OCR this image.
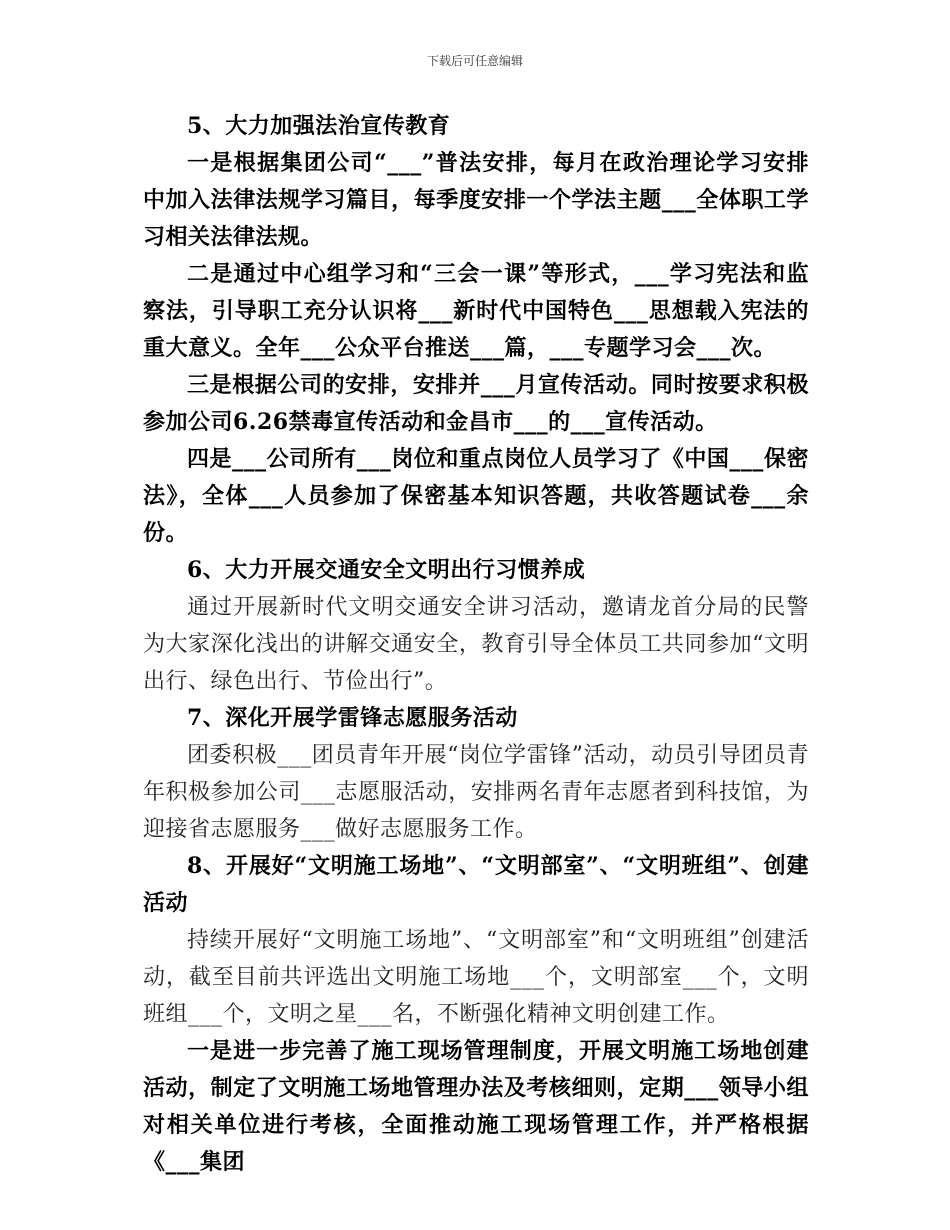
下载后可任意编辑

5、大力加强法治宣传教育

一是根据集团公司“___”普法安排，每月在政治理论学习安排中加入法律法规学习篇目，每季度安排一个学法主题___全体职工学习相关法律法规。

二是通过中心组学习和“三会一课”等形式，___学习宪法和监察法，引导职工充分认识将___新时代中国特色___思想载入宪法的重大意义。全年___公众平台推送___篇，___专题学习会___次。

三是根据公司的安排，安排并___月宣传活动。同时按要求积极参加公司6.26禁毒宣传活动和金昌市___的___宣传活动。

四是___公司所有___岗位和重点岗位人员学习了《中国___保密法》，全体___人员参加了保密基本知识答题，共收答题试卷___余份。

6、大力开展交通安全文明出行习惯养成

通过开展新时代文明交通安全讲习活动，邀请龙首分局的民警为大家深化浅出的讲解交通安全，教育引导全体员工共同参加“文明出行、绿色出行、节俭出行”。

7、深化开展学雷锋志愿服务活动

团委积极___团员青年开展“岗位学雷锋”活动，动员引导团员青年积极参加公司___志愿服活动，安排两名青年志愿者到科技馆，为迎接省志愿服务___做好志愿服务工作。

8、开展好“文明施工场地”、“文明部室”、“文明班组”、创建活动

持续开展好“文明施工场地”、“文明部室”和“文明班组”创建活动，截至目前共评选出文明施工场地___个，文明部室___个，文明班组___个，文明之星___名，不断强化精神文明创建工作。

一是进一步完善了施工现场管理制度，开展文明施工场地创建活动，制定了文明施工场地管理办法及考核细则，定期___领导小组对相关单位进行考核，全面推动施工现场管理工作，并严格根据《___集团
